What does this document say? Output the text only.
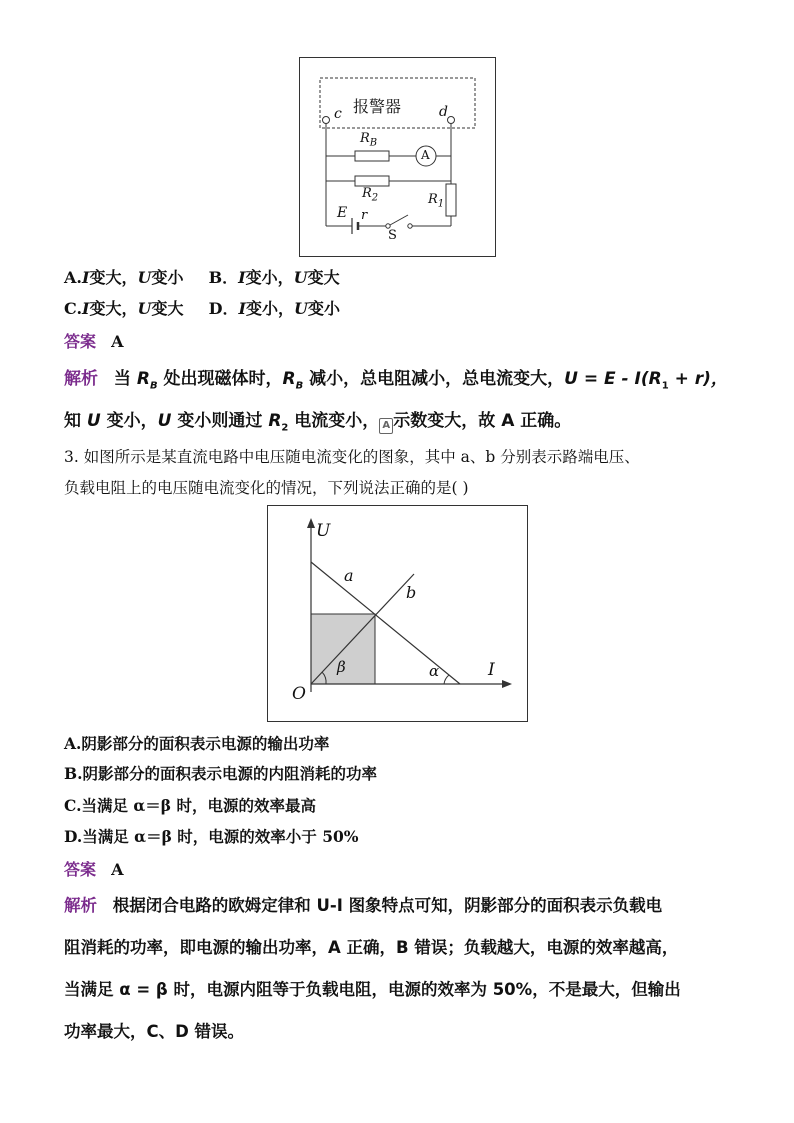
报警器
c	d
$R_B$
A
$R_2$	$R_1$
E r
S
A.I变大，U变小 B．I变小，U变大
C.I变大，U变大 D．I变小，U变小
答案 A
解析 当 $R_B$ 处出现磁体时，$R_B$ 减小，总电阻减小，总电流变大，$U = E - I(R_1 + r)$，
知 U 变小，U 变小则通过 $R_2$ 电流变小， A 示数变大，故 A 正确。
3. 如图所示是某直流电路中电压随电流变化的图象，其中 a、b 分别表示路端电压、
负载电阻上的电压随电流变化的情况，下列说法正确的是( )
U
I
O
a
b
α
β
A.阴影部分的面积表示电源的输出功率
B.阴影部分的面积表示电源的内阻消耗的功率
C.当满足 α＝β 时，电源的效率最高
D.当满足 α＝β 时，电源的效率小于 50%
答案 A
解析 根据闭合电路的欧姆定律和 U-I 图象特点可知，阴影部分的面积表示负载电
阻消耗的功率，即电源的输出功率，A 正确，B 错误；负载越大，电源的效率越高，
当满足 α = β 时，电源内阻等于负载电阻，电源的效率为 50%，不是最大，但输出
功率最大，C、D 错误。
